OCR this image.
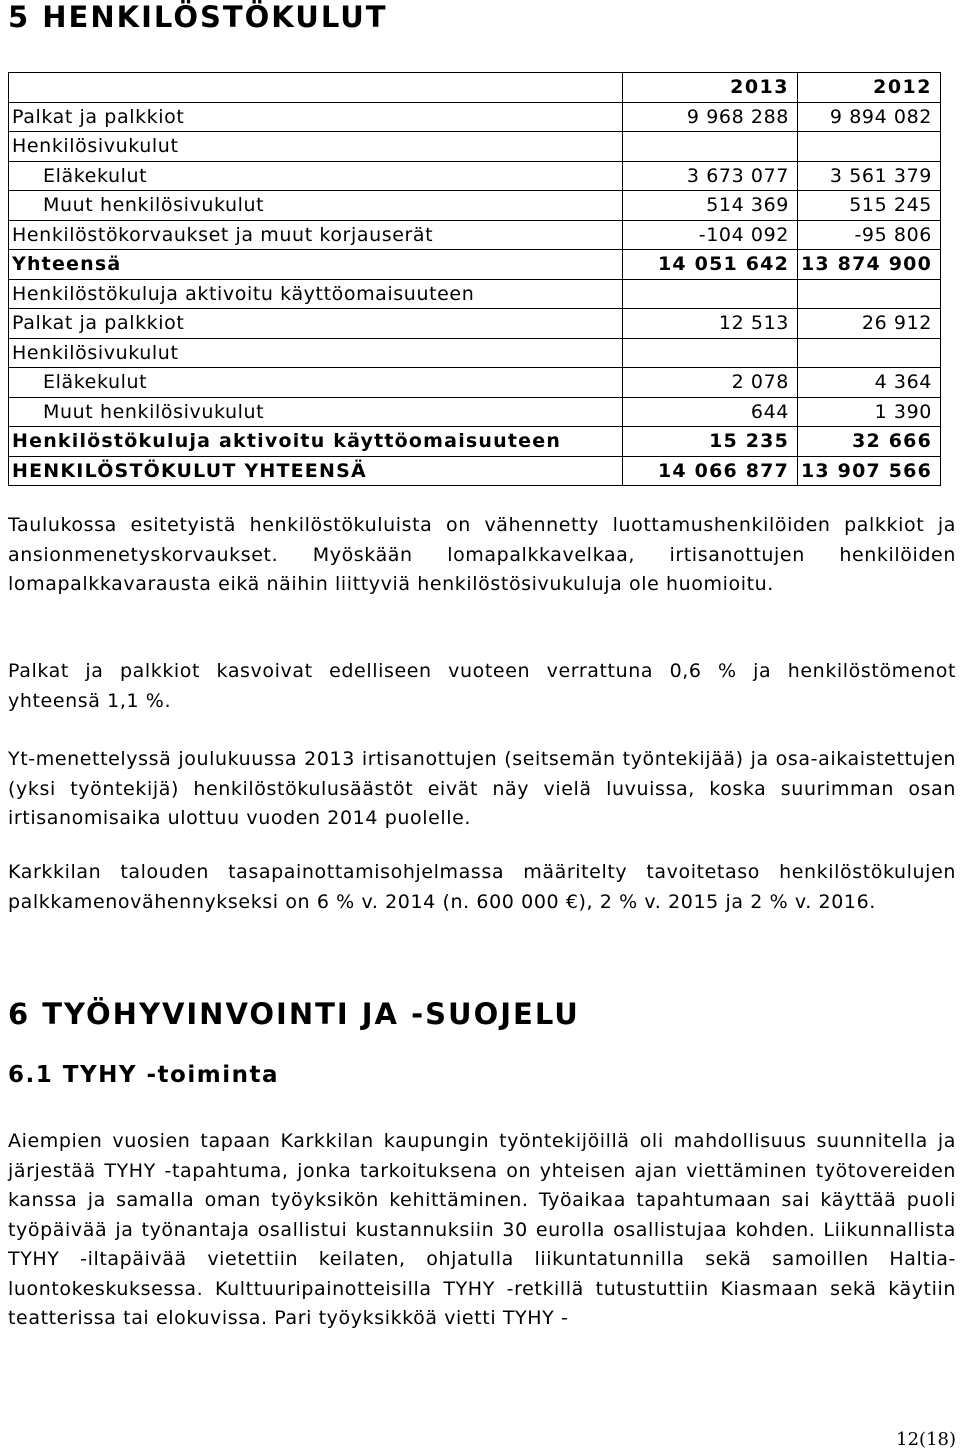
5 HENKILÖSTÖKULUT
	2013	2012
Palkat ja palkkiot	9 968 288	9 894 082
Henkilösivukulut		
Eläkekulut	3 673 077	3 561 379
Muut henkilösivukulut	514 369	515 245
Henkilöstökorvaukset ja muut korjauserät	-104 092	-95 806
Yhteensä	14 051 642	13 874 900
Henkilöstökuluja aktivoitu käyttöomaisuuteen		
Palkat ja palkkiot	12 513	26 912
Henkilösivukulut		
Eläkekulut	2 078	4 364
Muut henkilösivukulut	644	1 390
Henkilöstökuluja aktivoitu käyttöomaisuuteen	15 235	32 666
HENKILÖSTÖKULUT YHTEENSÄ	14 066 877	13 907 566
Taulukossa esitetyistä henkilöstökuluista on vähennetty luottamushenkilöiden palkkiot ja ansionmenetyskorvaukset. Myöskään lomapalkkavelkaa, irtisanottujen henkilöiden lomapalkkavarausta eikä näihin liittyviä henkilöstösivukuluja ole huomioitu.
Palkat ja palkkiot kasvoivat edelliseen vuoteen verrattuna 0,6 % ja henkilöstömenot yhteensä 1,1 %.
Yt-menettelyssä joulukuussa 2013 irtisanottujen (seitsemän työntekijää) ja osa-aikaistettujen (yksi työntekijä) henkilöstökulusäästöt eivät näy vielä luvuissa, koska suurimman osan irtisanomisaika ulottuu vuoden 2014 puolelle.
Karkkilan talouden tasapainottamisohjelmassa määritelty tavoitetaso henkilöstökulujen palkkamenovähennykseksi on 6 % v. 2014 (n. 600 000 €), 2 % v. 2015 ja 2 % v. 2016.
6 TYÖHYVINVOINTI JA -SUOJELU
6.1 TYHY -toiminta
Aiempien vuosien tapaan Karkkilan kaupungin työntekijöillä oli mahdollisuus suunnitella ja järjestää TYHY -tapahtuma, jonka tarkoituksena on yhteisen ajan viettäminen työtovereiden kanssa ja samalla oman työyksikön kehittäminen. Työaikaa tapahtumaan sai käyttää puoli työpäivää ja työnantaja osallistui kustannuksiin 30 eurolla osallistujaa kohden. Liikunnallista TYHY -iltapäivää vietettiin keilaten, ohjatulla liikuntatunnilla sekä samoillen Haltia-luontokeskuksessa. Kulttuuripainotteisilla TYHY -retkillä tutustuttiin Kiasmaan sekä käytiin teatterissa tai elokuvissa. Pari työyksikköä vietti TYHY -
12(18)
